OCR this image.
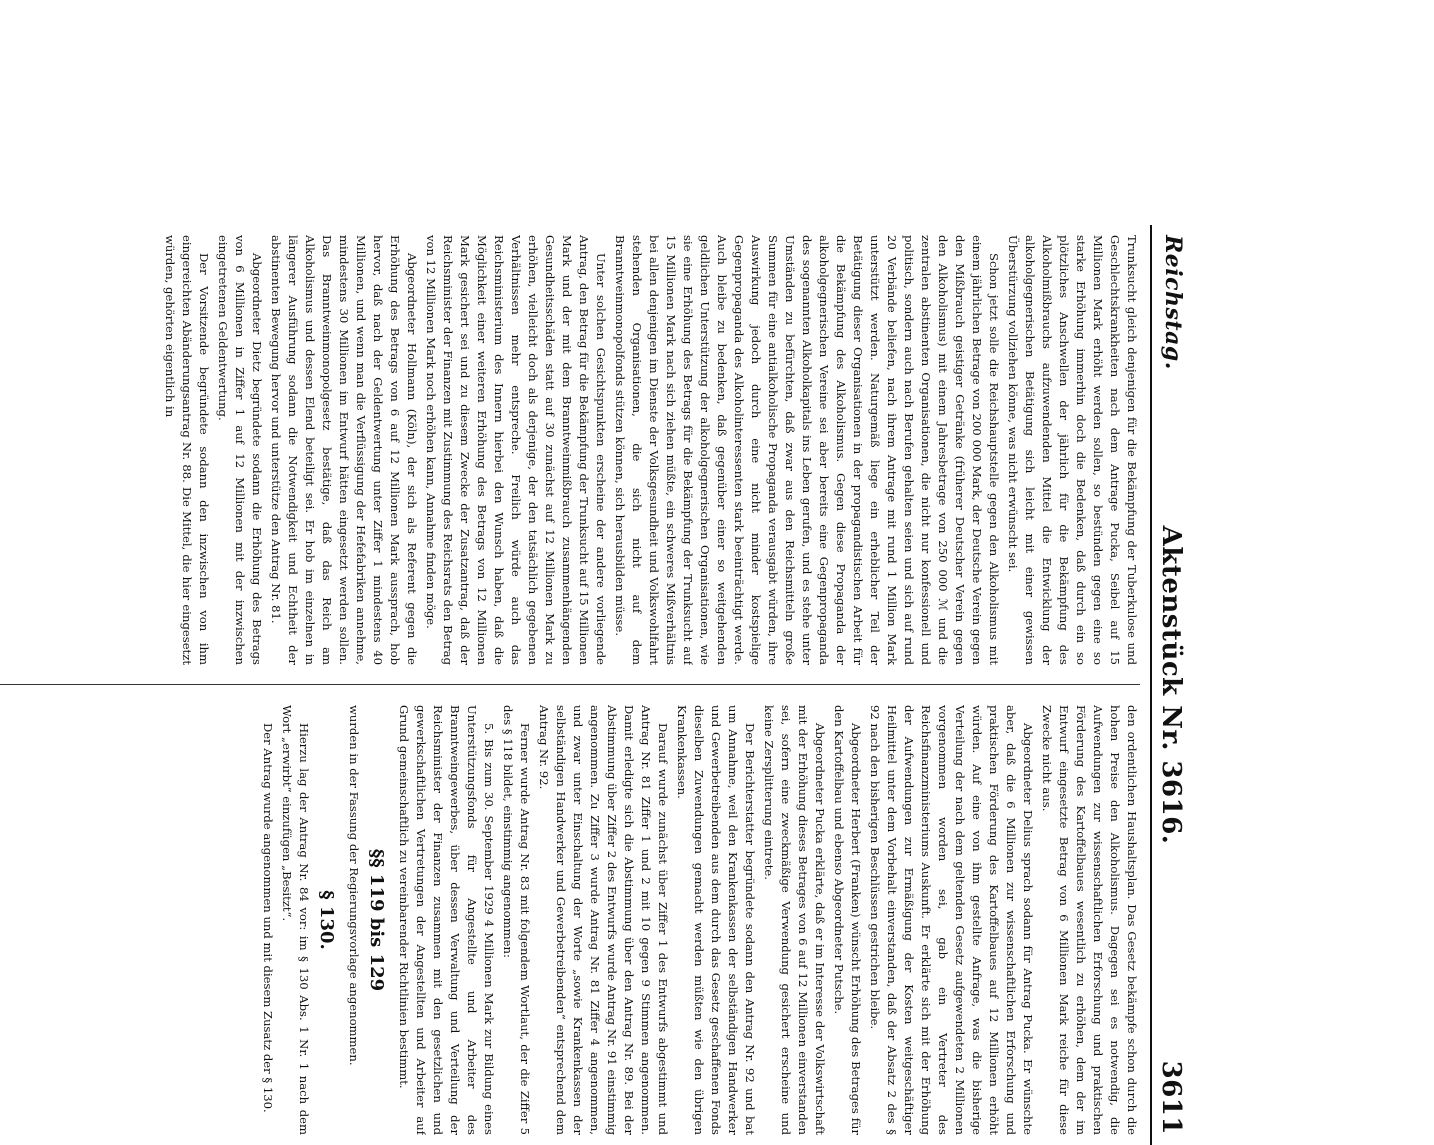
Reichstag.
Aktenstück Nr. 3616.
3611

Trunksucht gleich denjenigen für die Bekämpfung der Tuberkulose und Geschlechtskrankheiten nach dem Antrage Pucka, Seibel auf 15 Millionen Mark erhöht werden sollen, so bestünden gegen eine so starke Erhöhung immerhin doch die Bedenken, daß durch ein so plötzliches Anschwellen der jährlich für die Bekämpfung des Alkoholmißbrauchs aufzuwendenden Mittel die Entwicklung der alkoholgegnerischen Betätigung sich leicht mit einer gewissen Überstürzung vollziehen könne, was nicht erwünscht sei.

Schon jetzt solle die Reichshauptstelle gegen den Alkoholismus mit einem jährlichen Betrage von 200 000 Mark, der Deutsche Verein gegen den Mißbrauch geistiger Getränke (früherer Deutscher Verein gegen den Alkoholismus) mit einem Jahresbetrage von 250 000 ℳ und die zentralen abstinenten Organisationen, die nicht nur konfessionell und politisch, sondern auch nach Berufen gehalten seien und sich auf rund 20 Verbände beliefen, nach ihrem Antrage mit rund 1 Million Mark unterstützt werden. Naturgemäß liege ein erheblicher Teil der Betätigung dieser Organisationen in der propagandistischen Arbeit für die Bekämpfung des Alkoholismus. Gegen diese Propaganda der alkoholgegnerischen Vereine sei aber bereits eine Gegenpropaganda des sogenannten Alkoholkapitals ins Leben gerufen, und es stehe unter Umständen zu befürchten, daß zwar aus den Reichsmitteln große Summen für eine antialkoholische Propaganda verausgabt würden, ihre Auswirkung jedoch durch eine nicht minder kostspielige Gegenpropaganda des Alkoholinteressenten stark beeinträchtigt werde. Auch bleibe zu bedenken, daß gegenüber einer so weitgehenden geldlichen Unterstützung der alkoholgegnerischen Organisationen, wie sie eine Erhöhung des Betrags für die Bekämpfung der Trunksucht auf 15 Millionen Mark nach sich ziehen müßte, ein schweres Mißverhältnis bei allen denjenigen im Dienste der Volksgesundheit und Volkswohlfahrt stehenden Organisationen, die sich nicht auf dem Branntweinmonopolfonds stützen können, sich herausbilden müsse.

Unter solchen Gesichtspunkten erscheine der andere vorliegende Antrag, den Betrag für die Bekämpfung der Trunksucht auf 15 Millionen Mark und der mit dem Branntweinmißbrauch zusammenhängenden Gesundheitsschäden statt auf 30 zunächst auf 12 Millionen Mark zu erhöhen, vielleicht doch als derjenige, der den tatsächlich gegebenen Verhältnissen mehr entspreche. Freilich würde auch das Reichsministerium des Innern hierbei den Wunsch haben, daß die Möglichkeit einer weiteren Erhöhung des Betrags von 12 Millionen Mark gesichert sei und zu diesem Zwecke der Zusatzantrag, daß der Reichsminister der Finanzen mit Zustimmung des Reichsrats den Betrag von 12 Millionen Mark noch erhöhen kann, Annahme finden möge.

Abgeordneter Hollmann (Köln), der sich als Referent gegen die Erhöhung des Betrags von 6 auf 12 Millionen Mark aussprach, hob hervor, daß nach der Geldentwertung unter Ziffer 1 mindestens 40 Millionen, und wenn man die Verflüssigung der Hefefabriken annehme, mindestens 30 Millionen im Entwurf hätten eingesetzt werden sollen. Das Branntweinmonopolgesetz bestätige, daß das Reich am Alkoholismus und dessen Elend beteiligt sei. Er hob im einzelnen in längerer Ausführung sodann die Notwendigkeit und Echtheit der abstinenten Bewegung hervor und unterstütze den Antrag Nr. 81.

Abgeordneter Dietz begründete sodann die Erhöhung des Betrags von 6 Millionen in Ziffer 1 auf 12 Millionen mit der inzwischen eingetretenen Geldentwertung.

Der Vorsitzende begründete sodann den inzwischen von ihm eingereichten Abänderungsantrag Nr. 88. Die Mittel, die hier eingesetzt würden, gehörten eigentlich in

den ordentlichen Haushaltsplan. Das Gesetz bekämpfe schon durch die hohen Preise den Alkoholismus. Dagegen sei es notwendig, die Aufwendungen zur wissenschaftlichen Erforschung und praktischen Förderung des Kartoffelbaues wesentlich zu erhöhen, dem der im Entwurf eingesetzte Betrag von 6 Millionen Mark reiche für diese Zwecke nicht aus.

Abgeordneter Delius sprach sodann für Antrag Pucka. Er wünschte aber, daß die 6 Millionen zur wissenschaftlichen Erforschung und praktischen Förderung des Kartoffelbaues auf 12 Millionen erhöht würden. Auf eine von ihm gestellte Anfrage, was die bisherige Verteilung der nach dem geltenden Gesetz aufgewendeten 2 Millionen vorgenommen worden sei, gab ein Vertreter des Reichsfinanzministeriums Auskunft. Er erklärte sich mit der Erhöhung der Aufwendungen zur Ermäßigung der Kosten weitgeschäftiger Heilmittel unter dem Vorbehalt einverstanden, daß der Absatz 2 des § 92 nach den bisherigen Beschlüssen gestrichen bleibe.

Abgeordneter Herbert (Franken) wünscht Erhöhung des Betrages für den Kartoffelbau und ebenso Abgeordneter Putsche.

Abgeordneter Pucka erklärte, daß er im Interesse der Volkswirtschaft mit der Erhöhung dieses Betrages von 6 auf 12 Millionen einverstanden sei, sofern eine zweckmäßige Verwendung gesichert erscheine und keine Zersplitterung eintrete.

Der Berichterstatter begründete sodann den Antrag Nr. 92 und bat um Annahme, weil den Krankenkassen der selbständigen Handwerker und Gewerbetreibenden aus dem durch das Gesetz geschaffenen Fonds dieselben Zuwendungen gemacht werden müßten wie den übrigen Krankenkassen.

Darauf wurde zunächst über Ziffer 1 des Entwurfs abgestimmt und Antrag Nr. 81 Ziffer 1 und 2 mit 10 gegen 9 Stimmen angenommen. Damit erledigte sich die Abstimmung über den Antrag Nr. 89. Bei der Abstimmung über Ziffer 2 des Entwurfs wurde Antrag Nr. 91 einstimmig angenommen. Zu Ziffer 3 wurde Antrag Nr. 81 Ziffer 4 angenommen, und zwar unter Einschaltung der Worte „sowie Krankenkassen der selbständigen Handwerker und Gewerbetreibenden“ entsprechend dem Antrag Nr. 92.

Ferner wurde Antrag Nr. 83 mit folgendem Wortlaut, der die Ziffer 5 des § 118 bildet, einstimmig angenommen:

5. Bis zum 30. September 1929 4 Millionen Mark zur Bildung eines Unterstützungsfonds für Angestellte und Arbeiter des Branntweingewerbes, über dessen Verwaltung und Verteilung der Reichsminister der Finanzen zusammen mit den gesetzlichen und gewerkschaftlichen Vertretungen der Angestellten und Arbeiter auf Grund gemeinschaftlich zu vereinbarender Richtlinien bestimmt.

§§ 119 bis 129

wurden in der Fassung der Regierungsvorlage angenommen.

§ 130.

Hierzu lag der Antrag Nr. 84 vor: im § 130 Abs. 1 Nr. 1 nach dem Wort „erwirbt“ einzufügen „Besitzt“.

Der Antrag wurde angenommen und mit diesem Zusatz der § 130.
